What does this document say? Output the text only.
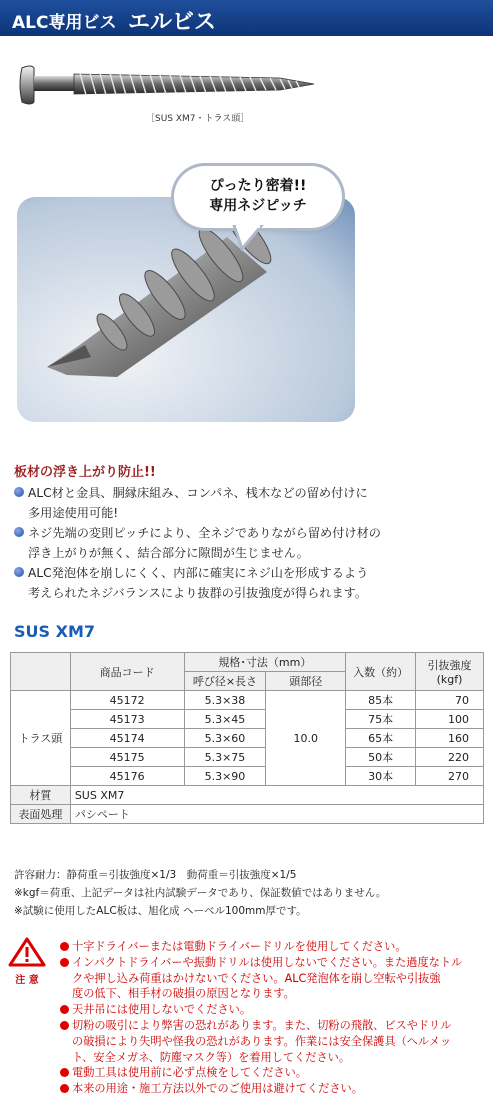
ALC専用ビス エルビス
［SUS XM7・トラス頭］
ぴったり密着!!
専用ネジピッチ
板材の浮き上がり防止!!
ALC材と金具、胴縁床組み、コンパネ、桟木などの留め付けに
多用途使用可能!
ネジ先端の変則ピッチにより、全ネジでありながら留め付け材の
浮き上がりが無く、結合部分に隙間が生じません。
ALC発泡体を崩しにくく、内部に確実にネジ山を形成するよう
考えられたネジバランスにより抜群の引抜強度が得られます。
SUS XM7
	商品コード	規格･寸法（mm）		入数（約）	引抜強度
(kgf)

		呼び径×長さ	頭部径		
トラス頭	45172	5.3×38	10.0	85本	70
	45173	5.3×45		75本	100
	45174	5.3×60		65本	160
	45175	5.3×75		50本	220
	45176	5.3×90		30本	270
材質	SUS XM7				
表面処理	パシペート				
許容耐力：静荷重＝引抜強度×1/3　動荷重＝引抜強度×1/5
※kgf＝荷重、上記データは社内試験データであり、保証数値ではありません。
※試験に使用したALC板は、旭化成 ヘーベル100mm厚です。
注 意
十字ドライバーまたは電動ドライバードリルを使用してください。
インパクトドライバーや振動ドリルは使用しないでください。また過度なトル
クや押し込み荷重はかけないでください。ALC発泡体を崩し空転や引抜強
度の低下、相手材の破損の原因となります。
天井吊には使用しないでください。
切粉の吸引により弊害の恐れがあります。また、切粉の飛散、ビスやドリル
の破損により失明や怪我の恐れがあります。作業には安全保護具（ヘルメッ
ト、安全メガネ、防塵マスク等）を着用してください。
電動工具は使用前に必ず点検をしてください。
本来の用途・施工方法以外でのご使用は避けてください。
